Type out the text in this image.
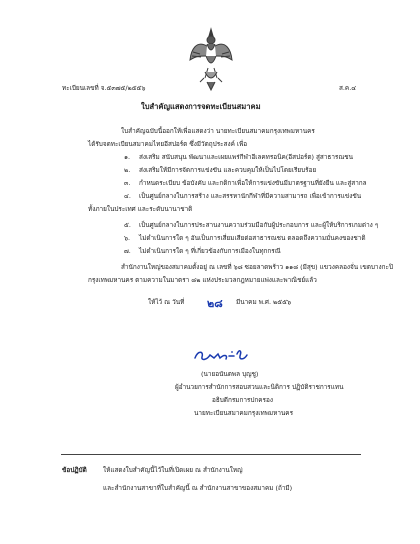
ทะเบียนเลขที่ จ.๕๓๗๕/๒๕๕๖	ส.ค.๔
ใบสำคัญแสดงการจดทะเบียนสมาคม
ใบสำคัญฉบับนี้ออกให้เพื่อแสดงว่า นายทะเบียนสมาคมกรุงเทพมหานคร
ได้รับจดทะเบียนสมาคมไทยอีสปอร์ต ซึ่งมีวัตถุประสงค์ เพื่อ
๑. ส่งเสริม สนับสนุน พัฒนาและเผยแพร่กีฬาอีเลคทรอนิค(อีสปอร์ต) สู่สาธารณชน
๒. ส่งเสริมให้มีการจัดการแข่งขัน และควบคุมให้เป็นไปโดยเรียบร้อย
๓. กำหนดระเบียบ ข้อบังคับ และกติกาเพื่อให้การแข่งขันมีมาตรฐานที่ยังยืน และสู่สากล
๔. เป็นศูนย์กลางในการสร้าง และสรรหานักกีฬาที่มีความสามารถ เพื่อเข้าการแข่งขัน
ทั้งภายในประเทศ และระดับนานาชาติ
๕. เป็นศูนย์กลางในการประสานงานความร่วมมือกับผู้ประกอบการ และผู้ให้บริการเกมต่าง ๆ
๖. ไม่ดำเนินการใด ๆ อันเป็นการเสี่ยมเสียต่อสาธารณชน ตลอดถึงความมั่นคงของชาติ
๗. ไม่ดำเนินการใด ๆ ที่เกี่ยวข้องกับการเมืองในทุกกรณี
สำนักงานใหญ่ของสมาคมตั้งอยู่ ณ เลขที่ ๖๘ ซอยลาดพร้าว ๑๑๘ (มีสุข) แขวงคลองจั่น เขตบางกะปิ
กรุงเทพมหานคร ตามความในมาตรา ๘๒ แห่งประมวลกฎหมายแพ่งและพาณิชย์แล้ว
ให้ไว้ ณ วันที่ ๒๘ มีนาคม พ.ศ. ๒๕๕๖
(นายอนันตพล บุญชู)
ผู้อำนวยการสำนักการสอบสวนและนิติการ ปฏิบัติราชการแทน
อธิบดีกรมการปกครอง
นายทะเบียนสมาคมกรุงเทพมหานคร
ข้อปฏิบัติ	ให้แสดงใบสำคัญนี้ไว้ในที่เปิดเผย ณ สำนักงานใหญ่
และสำนักงานสาขาที่ใบสำคัญนี้ ณ สำนักงานสาขาของสมาคม (ถ้ามี)
